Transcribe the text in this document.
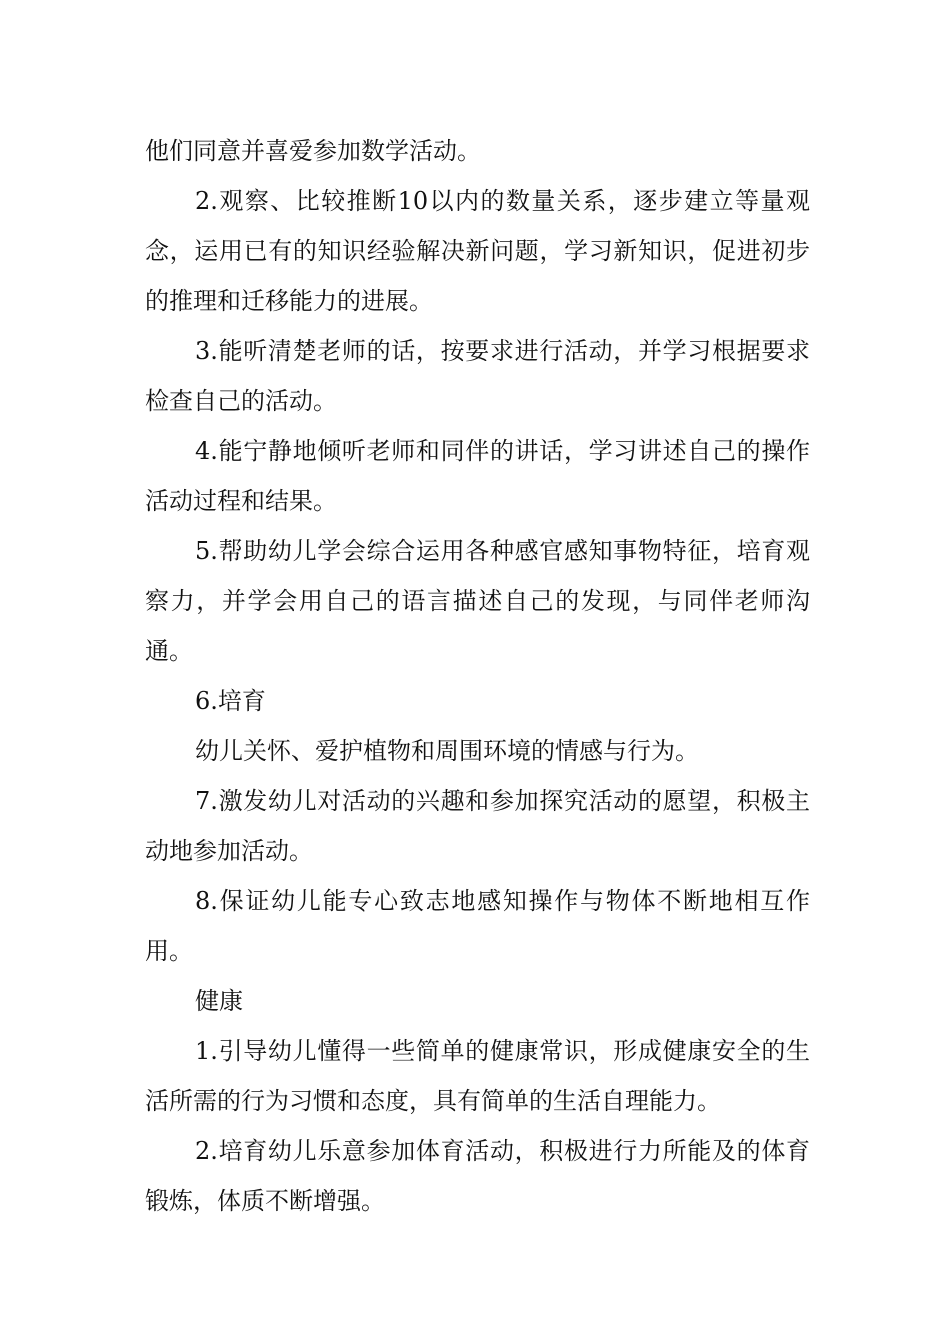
他们同意并喜爱参加数学活动。

2.观察、比较推断10以内的数量关系，逐步建立等量观念，运用已有的知识经验解决新问题，学习新知识，促进初步的推理和迁移能力的进展。

3.能听清楚老师的话，按要求进行活动，并学习根据要求检查自己的活动。

4.能宁静地倾听老师和同伴的讲话，学习讲述自己的操作活动过程和结果。

5.帮助幼儿学会综合运用各种感官感知事物特征，培育观察力，并学会用自己的语言描述自己的发现，与同伴老师沟通。

6.培育

幼儿关怀、爱护植物和周围环境的情感与行为。

7.激发幼儿对活动的兴趣和参加探究活动的愿望，积极主动地参加活动。

8.保证幼儿能专心致志地感知操作与物体不断地相互作用。

健康

1.引导幼儿懂得一些简单的健康常识，形成健康安全的生活所需的行为习惯和态度，具有简单的生活自理能力。

2.培育幼儿乐意参加体育活动，积极进行力所能及的体育锻炼，体质不断增强。
